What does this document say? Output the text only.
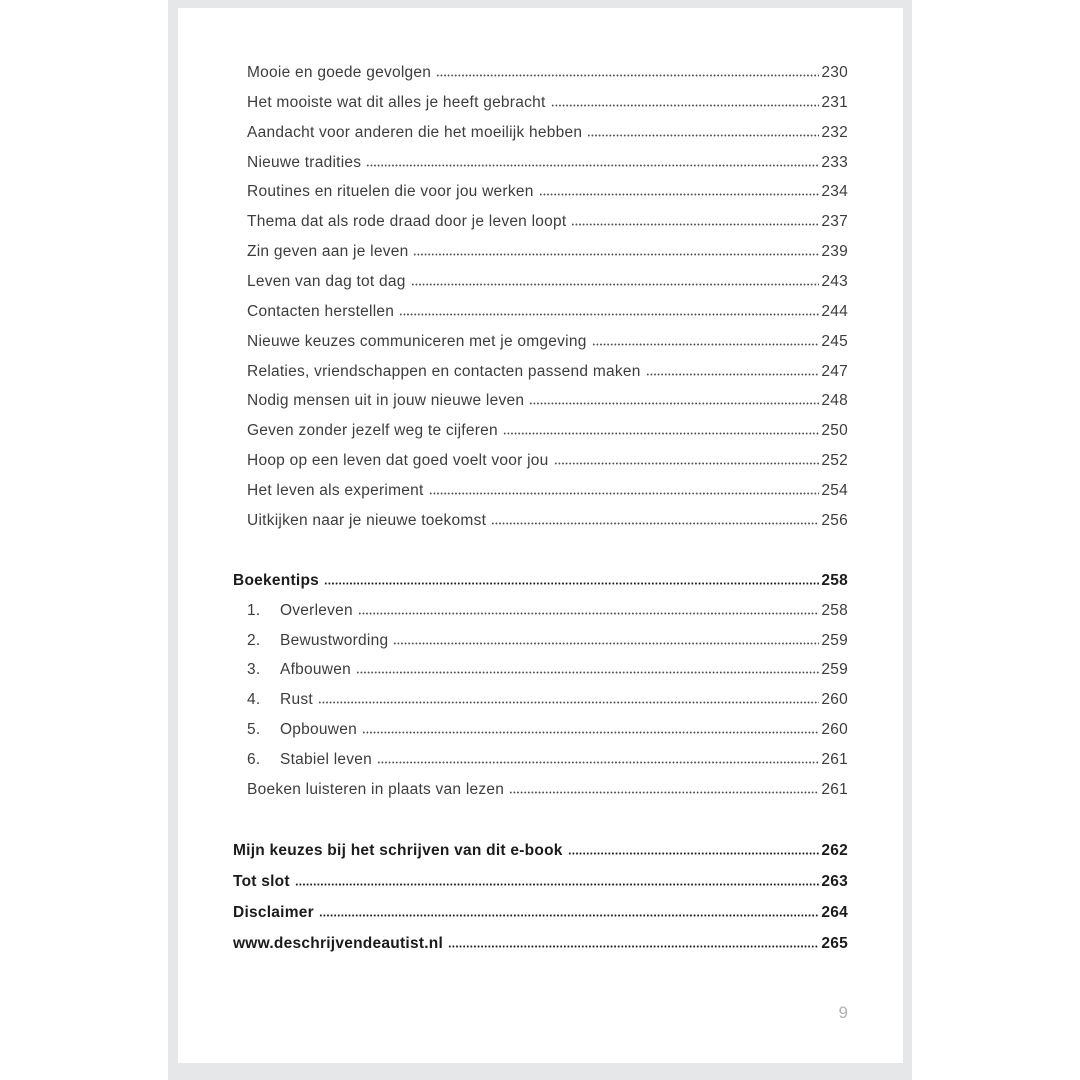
Mooie en goede gevolgen	230
Het mooiste wat dit alles je heeft gebracht	231
Aandacht voor anderen die het moeilijk hebben	232
Nieuwe tradities	233
Routines en rituelen die voor jou werken	234
Thema dat als rode draad door je leven loopt	237
Zin geven aan je leven	239
Leven van dag tot dag	243
Contacten herstellen	244
Nieuwe keuzes communiceren met je omgeving	245
Relaties, vriendschappen en contacten passend maken	247
Nodig mensen uit in jouw nieuwe leven	248
Geven zonder jezelf weg te cijferen	250
Hoop op een leven dat goed voelt voor jou	252
Het leven als experiment	254
Uitkijken naar je nieuwe toekomst	256
Boekentips	258
1.	Overleven	258
2.	Bewustwording	259
3.	Afbouwen	259
4.	Rust	260
5.	Opbouwen	260
6.	Stabiel leven	261
Boeken luisteren in plaats van lezen	261
Mijn keuzes bij het schrijven van dit e-book	262
Tot slot	263
Disclaimer	264
www.deschrijvendeautist.nl	265
9
